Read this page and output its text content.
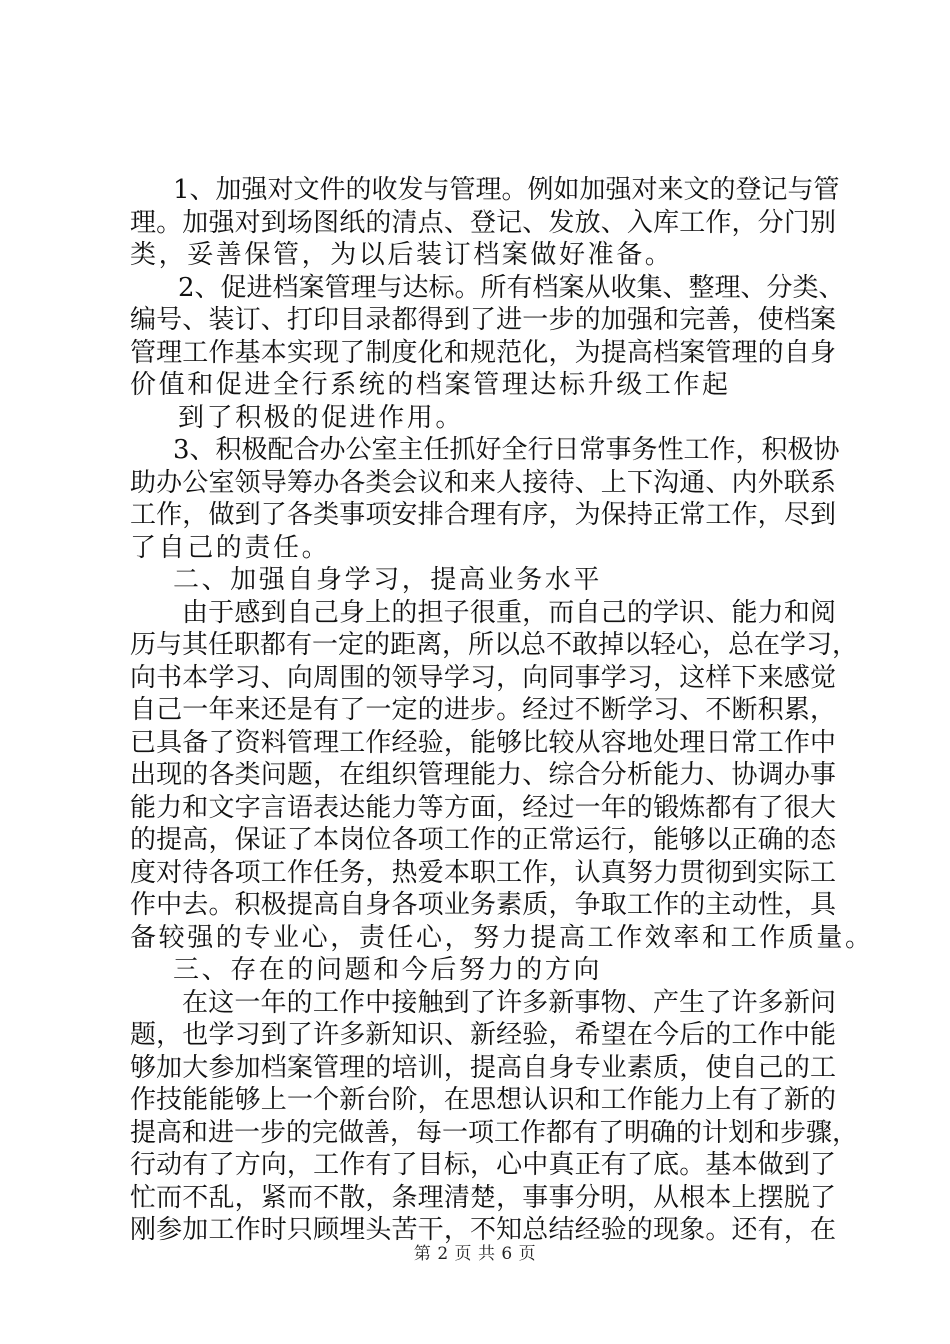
1、加强对文件的收发与管理。例如加强对来文的登记与管
理。加强对到场图纸的清点、登记、发放、入库工作，分门别
类，妥善保管，为以后装订档案做好准备。
2、促进档案管理与达标。所有档案从收集、整理、分类、
编号、装订、打印目录都得到了进一步的加强和完善，使档案
管理工作基本实现了制度化和规范化，为提高档案管理的自身
价值和促进全行系统的档案管理达标升级工作起
到了积极的促进作用。
3、积极配合办公室主任抓好全行日常事务性工作，积极协
助办公室领导筹办各类会议和来人接待、上下沟通、内外联系
工作，做到了各类事项安排合理有序，为保持正常工作，尽到
了自己的责任。
二、加强自身学习，提高业务水平
由于感到自己身上的担子很重，而自己的学识、能力和阅
历与其任职都有一定的距离，所以总不敢掉以轻心，总在学习，
向书本学习、向周围的领导学习，向同事学习，这样下来感觉
自己一年来还是有了一定的进步。经过不断学习、不断积累，
已具备了资料管理工作经验，能够比较从容地处理日常工作中
出现的各类问题，在组织管理能力、综合分析能力、协调办事
能力和文字言语表达能力等方面，经过一年的锻炼都有了很大
的提高，保证了本岗位各项工作的正常运行，能够以正确的态
度对待各项工作任务，热爱本职工作，认真努力贯彻到实际工
作中去。积极提高自身各项业务素质，争取工作的主动性，具
备较强的专业心，责任心，努力提高工作效率和工作质量。
三、存在的问题和今后努力的方向
在这一年的工作中接触到了许多新事物、产生了许多新问
题，也学习到了许多新知识、新经验，希望在今后的工作中能
够加大参加档案管理的培训，提高自身专业素质，使自己的工
作技能能够上一个新台阶，在思想认识和工作能力上有了新的
提高和进一步的完做善，每一项工作都有了明确的计划和步骤，
行动有了方向，工作有了目标，心中真正有了底。基本做到了
忙而不乱，紧而不散，条理清楚，事事分明，从根本上摆脱了
刚参加工作时只顾埋头苦干，不知总结经验的现象。还有，在
第 2 页 共 6 页
